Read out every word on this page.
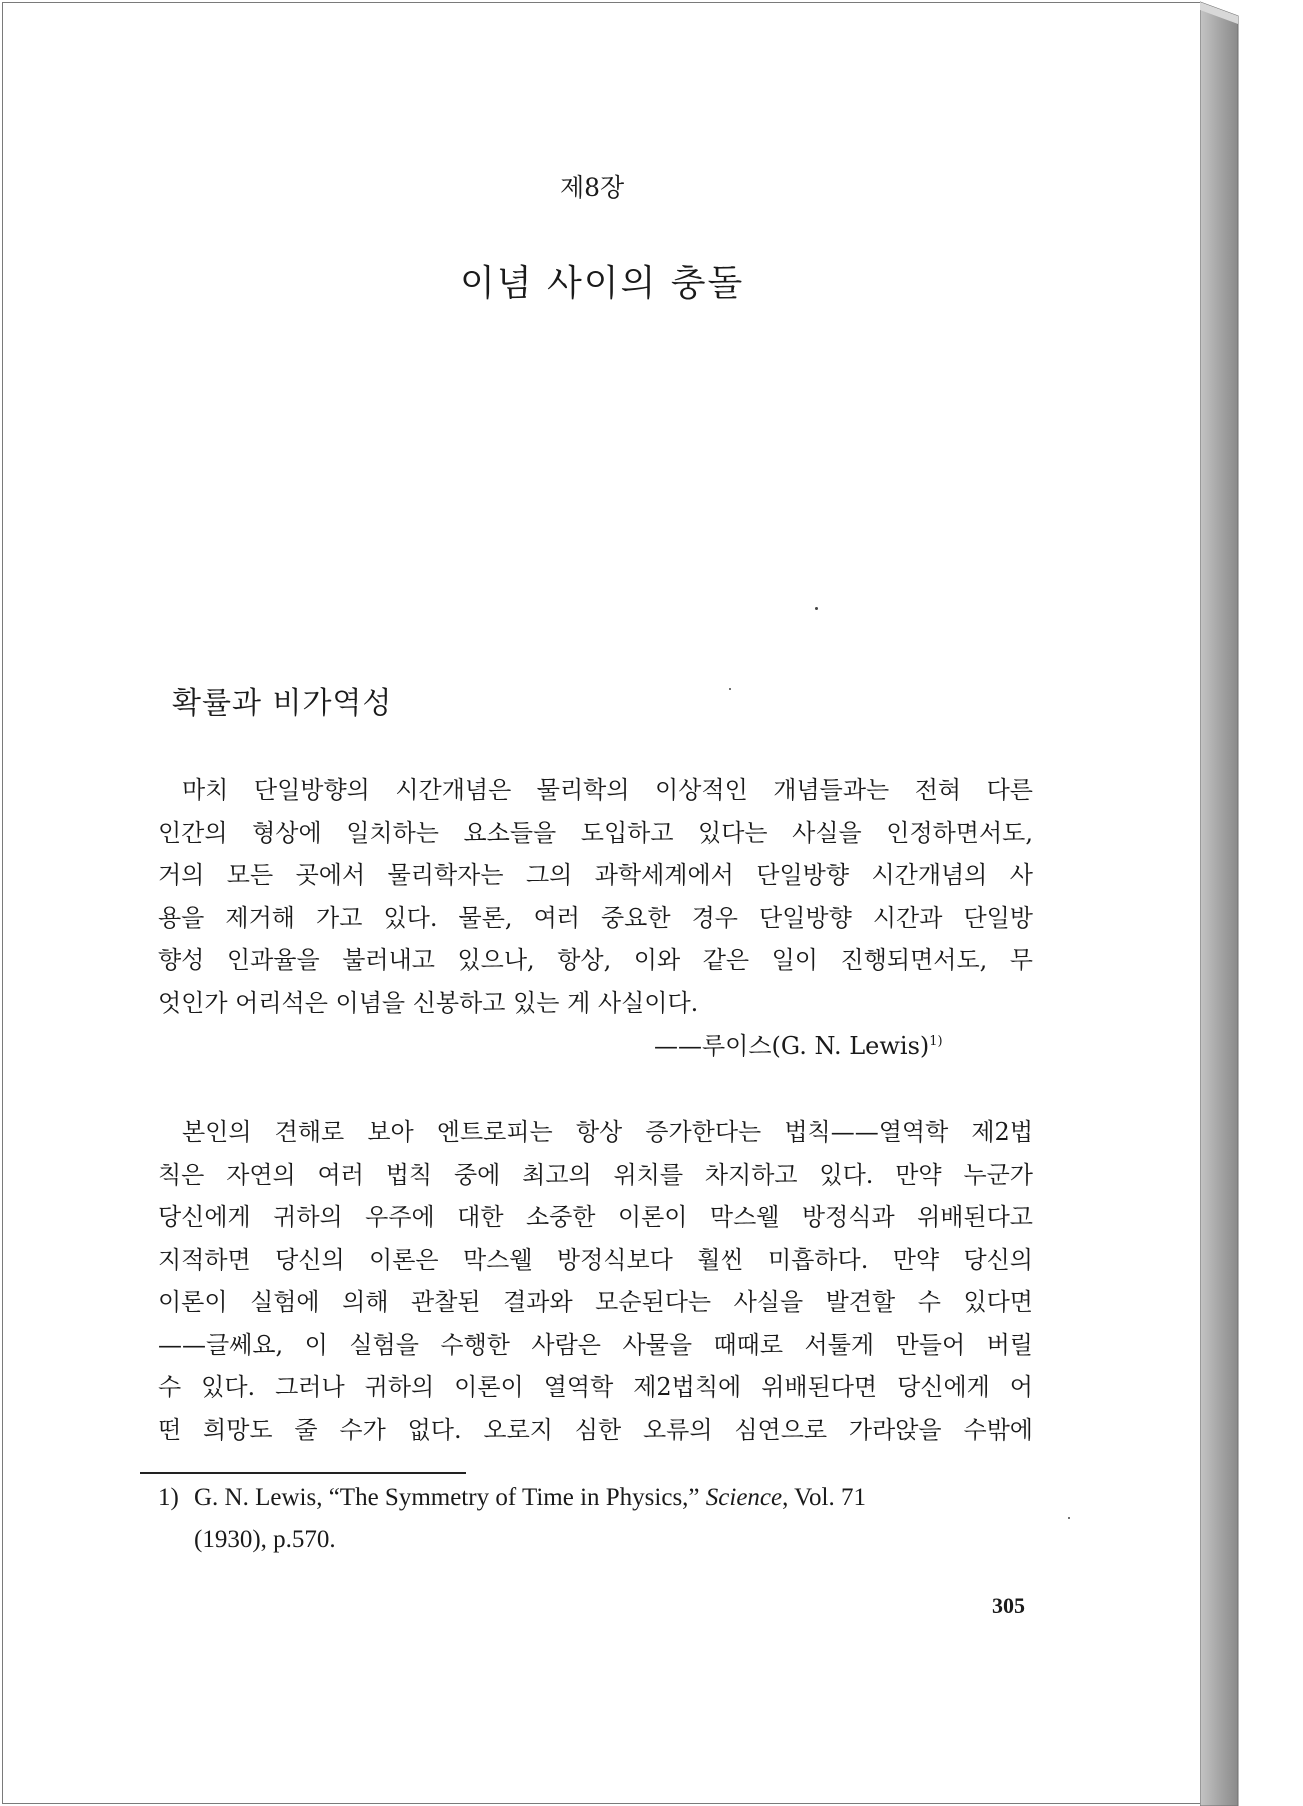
제8장
이념 사이의 충돌
확률과 비가역성
마치 단일방향의 시간개념은 물리학의 이상적인 개념들과는 전혀 다른
인간의 형상에 일치하는 요소들을 도입하고 있다는 사실을 인정하면서도,
거의 모든 곳에서 물리학자는 그의 과학세계에서 단일방향 시간개념의 사
용을 제거해 가고 있다. 물론, 여러 중요한 경우 단일방향 시간과 단일방
향성 인과율을 불러내고 있으나, 항상, 이와 같은 일이 진행되면서도, 무
엇인가 어리석은 이념을 신봉하고 있는 게 사실이다.
——루이스(G. N. Lewis)$^{1)}$
본인의 견해로 보아 엔트로피는 항상 증가한다는 법칙——열역학 제2법
칙은 자연의 여러 법칙 중에 최고의 위치를 차지하고 있다. 만약 누군가
당신에게 귀하의 우주에 대한 소중한 이론이 막스웰 방정식과 위배된다고
지적하면 당신의 이론은 막스웰 방정식보다 훨씬 미흡하다. 만약 당신의
이론이 실험에 의해 관찰된 결과와 모순된다는 사실을 발견할 수 있다면
——글쎄요, 이 실험을 수행한 사람은 사물을 때때로 서툴게 만들어 버릴
수 있다. 그러나 귀하의 이론이 열역학 제2법칙에 위배된다면 당신에게 어
떤 희망도 줄 수가 없다. 오로지 심한 오류의 심연으로 가라앉을 수밖에
1) G. N. Lewis, “The Symmetry of Time in Physics,” Science, Vol. 71
(1930), p.570.
305
